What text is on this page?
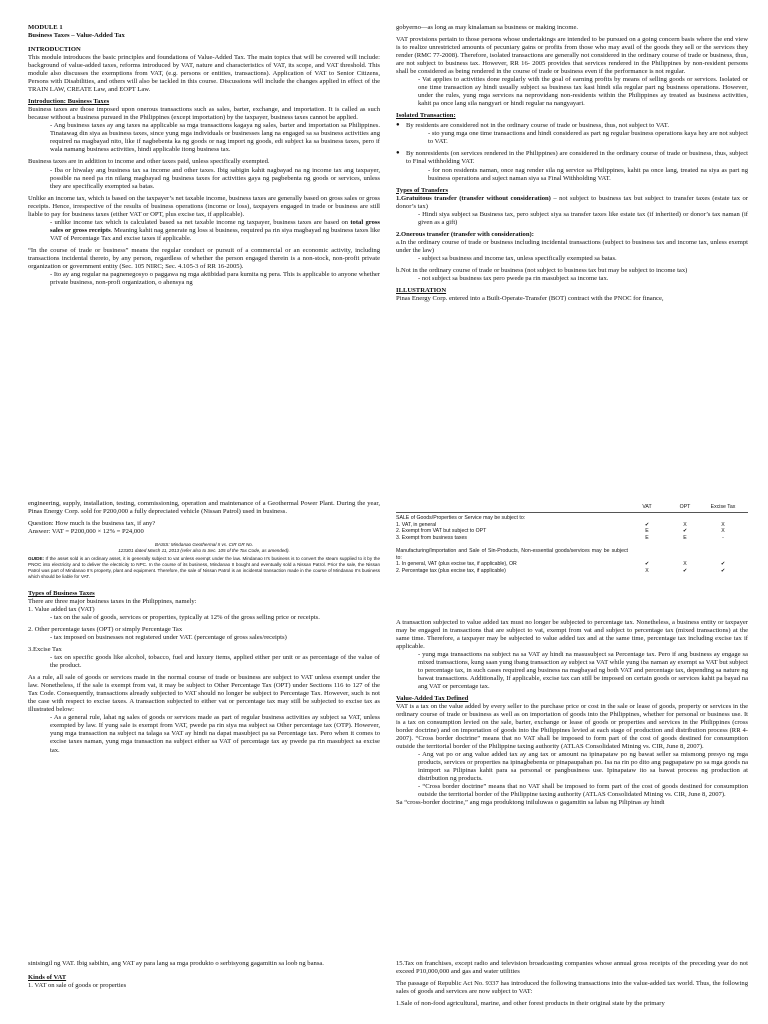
MODULE 1
Business Taxes – Value-Added Tax
INTRODUCTION

This module introduces the basic principles and foundations of Value-Added Tax. The main topics that will be covered will include: background of value-added taxes, reforms introduced by VAT, nature and characteristics of VAT, its scope, and VAT threshold. This module also discusses the exemptions from VAT, (e.g. persons or entities, transactions). Application of VAT to Senior Citizens, Persons with Disabilities, and others will also be tackled in this course. Discussions will include the changes applied in effect of the TRAIN LAW, CREATE Law, and EOPT Law.

Introduction: Business Taxes
Business taxes are those imposed upon onerous transactions such as sales, barter, exchange, and importation. It is called as such because without a business pursued in the Philippines (except importation) by the taxpayer, business taxes cannot be applied.

- Ang business taxes ay ang taxes na applicable sa mga transactions kagaya ng sales, barter and importation sa Philippines. Tinatawag din siya as business taxes, since yung mga individuals or businesses lang na engaged sa sa business activities ang required na magbayad nito, like if nagbebenta ka ng goods or nag import ng goods, edi subject ka sa business taxes, pero if wala namang business activities, hindi applicable itong business tax.

Business taxes are in addition to income and other taxes paid, unless specifically exempted.

- Iba or hiwalay ang business tax sa income and other taxes. Ibig sabigin kahit nagbayad na ng income tax ang taxpayer, possible na need pa rin nilang magbayad ng business taxes for activities gaya ng pagbebenta ng goods or services, unless they are specifically exempted sa batas.

Unlike an income tax, which is based on the taxpayer’s net taxable income, business taxes are generally based on gross sales or gross receipts. Hence, irrespective of the results of business operations (income or loss), taxpayers engaged in trade or business are still liable to pay for business taxes (either VAT or OPT, plus excise tax, if applicable).

- unlike income tax which is calculated based sa net taxable income ng taxpayer, business taxes are based on total gross sales or gross receipts. Meaning kahit nag generate ng loss si business, required pa rin siya magbayad ng business taxes like VAT of Percentage Tax and excise taxes if applicable.

“In the course of trade or business” means the regular conduct or pursuit of a commercial or an economic activity, including transactions incidental thereto, by any person, regardless of whether the person engaged therein is a non-stock, non-profit private organization or government entity (Sec. 105 NIRC; Sec. 4.105-3 of RR 16-2005).

- Ito ay ang regular na pagnenegosyo o paggawa ng mga aktibidad para kumita ng pera. This is applicable to anyone whether private business, non-profi organization, o ahensya ng

gobyerno—as long as may kinalaman sa business or making income.

VAT provisions pertain to those persons whose undertakings are intended to be pursued on a going concern basis where the end view is to realize unrestricted amounts of pecuniary gains or profits from those who may avail of the goods they sell or the services they render (RMC 77-2008). Therefore, isolated transactions are generally not considered in the ordinary course of trade or business, thus, are not subject to business tax. However, RR 16- 2005 provides that services rendered in the Philippines by non-resident persons shall be considered as being rendered in the course of trade or business even if the performance is not regular.

- Vat applies to activities done regularly with the goal of earning profits by means of selling goods or services. Isolated or one time transaction ay hindi usually subject sa business tax kasi hindi sila regular part ng business operations. However, under the rules, yung mga services na neprovidang non-residents within the Philippines ay treated as business activities, kahit pa once lang sila nangyari or hindi regular na nangyayari.

Isolated Transaction:
● By residents are considered not in the ordinary course of trade or business, thus, not subject to VAT.
- sto yung mga one time transactions and hindi considered as part ng regular business operations kaya hey are not subject to VAT.
● By nonresidents (on services rendered in the Philippines) are considered in the ordinary course of trade or business, thus, subject to Final withholding VAT.
- for non residents naman, once nag render sila ng service sa Philippines, kahit pa once lang, treated na siya as part ng business operations and suject naman siya sa Final Withholding VAT.
Types of Transfers
1.Gratuitous transfer (transfer without consideration) – not subject to business tax but subject to transfer taxes (estate tax or donor’s tax)

- Hindi siya subject sa Business tax, pero subject siya sa transfer taxes like estate tax (if inherited) or donor’s tax naman (if given as a gift)

2.Onerous transfer (transfer with consideration):
a.In the ordinary course of trade or business including incidental transactions (subject to business tax and income tax, unless exempt under the law)

- subject sa business and income tax, unless specifically exempted sa batas.

b.Not in the ordinary course of trade or business (not subject to business tax but may be subject to income tax)

- not subject sa business tax pero pwede pa rin masubject sa income tax.

ILLUSTRATION
Pinas Energy Corp. entered into a Built-Operate-Transfer (BOT) contract with the PNOC for finance,

engineering, supply, installation, testing, commissioning, operation and maintenance of a Geothermal Power Plant. During the year, Pinas Energy Corp. sold for P200,000 a fully depreciated vehicle (Nissan Patrol) used in business.

Question: How much is the business tax, if any?
Answer: VAT = P200,000 × 12% = P24,000
BASIS: Mindanao Geothermal II vs. CIR GR No.
123301 dated March 11, 2013 (refer also to Sec. 105 of the Tax Code, as amended).
GUIDE: If the asset sold is an ordinary asset, it is generally subject to vat unless exempt under the law. Mindanao II’s business is to convert the steam supplied to it by the PNOC into electricity and to deliver the electricity to NPC. In the course of its business, Mindanao II bought and eventually sold a Nissan Patrol. Prior the sale, the Nissan Patrol was part of Mindanao II’s property, plant and equipment. Therefore, the sale of Nissan Patrol is an incidental transaction made in the course of Mindanao II’s business which should be liable for VAT.
Types of Business Taxes
There are three major business taxes in the Philippines, namely:
1. Value added tax (VAT)

- tax on the sale of goods, services or properties, typically at 12% of the gross selling price or receipts.

2. Other percentage taxes (OPT) or simply Percentage Tax

- tax imposed on businesses not registered under VAT. (percentage of gross sales/receipts)

3.Excise Tax

- tax on specific goods like alcohol, tobacco, fuel and luxury items, applied either per unit or as percentage of the value of the product.

As a rule, all sale of goods or services made in the normal course of trade or business are subject to VAT unless exempt under the law. Nonetheless, if the sale is exempt from vat, it may be subject to Other Percentage Tax (OPT) under Sections 116 to 127 of the Tax Code. Consequently, transactions already subjected to VAT should no longer be subject to Percentage Tax. However, such is not the case with respect to excise taxes. A transaction subjected to either vat or percentage tax may still be subjected to excise tax as illustrated below:

- As a general rule, lahat ng sales of goods or services made as part of regular business activities ay subject sa VAT, unless exempted by law. If yung sale is exempt from VAT, pwede pa rin siya ma subject sa Other percentage tax (OTP). However, yung mga transaction na subject na talaga sa VAT ay hindi na dapat masubject pa sa Percentage tax. Pero when it comes to excise taxes naman, yung mga transaction na subject either sa VAT of percentage tax ay pwede pa rin masubject sa excise tax.

VAT	OPT	Excise Tax
SALE of Goods/Properties or Service may be subject to:
1. VAT, in general	✔	X	X
2. Exempt from VAT but subject to OPT	E	✔	X
3. Exempt from business taxes	E	E	-
Manufacturing/Importation and Sale of Sin-Products, Non-essential goods/services may be subject to:
1. In general, VAT (plus excise tax, if applicable), OR	✔	X	✔
2. Percentage tax (plus excise tax, if applicable)	X	✔	✔
A transaction subjected to value added tax must no longer be subjected to percentage tax. Nonetheless, a business entity or taxpayer may be engaged in transactions that are subject to vat, exempt from vat and subject to percentage tax (mixed transactions) at the same time. Therefore, a taxpayer may be subjected to value added tax and at the same time, percentage tax including excise tax if applicable.

- yung mga transactions na subject na sa VAT ay hindi na masusubject sa Percentage tax. Pero if ang business ay engage sa mixed transactions, kung saan yung ibang transaction ay subject sa VAT while yung iba naman ay exempt sa VAT but subject to percentage tax, in such cases required ang business na magbayad ng both VAT and percentage tax, depending sa nature ng bawat transactions. Additionally, If applicable, excise tax can still be imposed on certain goods or services kahit pa bayad na ang VAT or percentage tax.

Value-Added Tax Defined
VAT is a tax on the value added by every seller to the purchase price or cost in the sale or lease of goods, property or services in the ordinary course of trade or business as well as on importation of goods into the Philippines, whether for personal or business use. It is a tax on consumption levied on the sale, barter, exchange or lease of goods or properties and services in the Philippines (cross border doctrine) and on importation of goods into the Philippines levied at each stage of production and distribution process (RR 4-2007). “Cross border doctrine” means that no VAT shall be imposed to form part of the cost of goods destined for consumption outside the territorial border of the Philippine taxing authority (ATLAS Consolidated Mining vs. CIR, June 8, 2007).
- Ang vat po or ang value added tax ay ang tax or amount na ipinapataw po ng bawat seller sa mismong presyo ng mga products, services or properties na ipinagbebenta or pinapaupahan po. Isa na rin po dito ang pagpapataw po sa mga goods na inimport sa Pilipinas kahit para sa personal or pangbusiness use. Ipinapataw ito sa bawat process ng production at distribution ng products.
- “Cross border doctrine” means that no VAT shall be imposed to form part of the cost of goods destined for consumption outside the territorial border of the Philippine taxing authority (ATLAS Consolidated Mining vs. CIR, June 8, 2007).
Sa “cross-border doctrine,” ang mga produktong iniluluwas o gagamitin sa labas ng Pilipinas ay hindi

sinisingil ng VAT. Ibig sabihin, ang VAT ay para lang sa mga produkto o serbisyong gagamitin sa loob ng bansa.

Kinds of VAT
1. VAT on sale of goods or properties

15.Tax on franchises, except radio and television broadcasting companies whose annual gross receipts of the preceding year do not exceed P10,000,000 and gas and water utilities

The passage of Republic Act No. 9337 has introduced the following transactions into the value-added tax world. Thus, the following sales of goods and services are now subject to VAT:

1.Sale of non-food agricultural, marine, and other forest products in their original state by the primary
